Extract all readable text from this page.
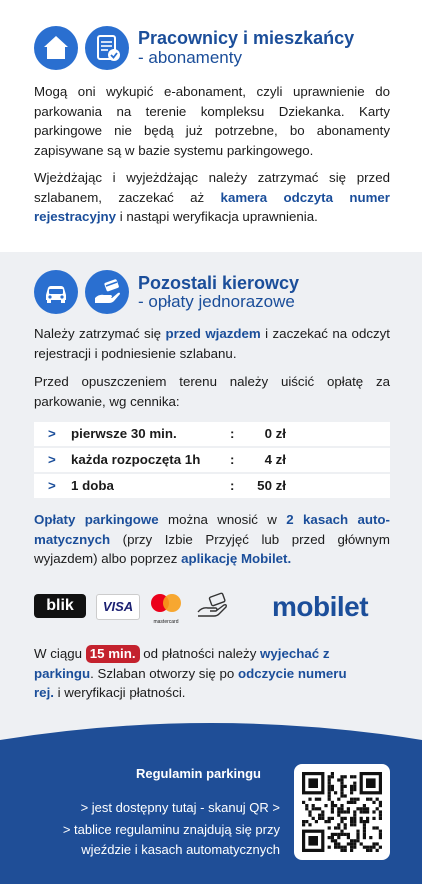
Pracownicy i mieszkańcy
- abonamenty
Mogą oni wykupić e-abonament, czyli uprawnienie do parkowania na terenie kompleksu Dziekanka. Karty parkingowe nie będą już potrzebne, bo abonamenty zapisywane są w bazie systemu parkingowego.
Wjeżdżając i wyjeżdżając należy zatrzymać się przed szlabanem, zaczekać aż kamera odczyta numer rejestracyjny i nastąpi weryfikacja uprawnienia.
Pozostali kierowcy
- opłaty jednorazowe
Należy zatrzymać się przed wjazdem i zaczekać na odczyt rejestracji i podniesienie szlabanu.
Przed opuszczeniem terenu należy uiścić opłatę za parkowanie, wg cennika:
> pierwsze 30 min.	:	0 zł
> każda rozpoczęta 1h :	4 zł
> 1 doba	:	50 zł
Opłaty parkingowe można wnosić w 2 kasach auto-matycznych (przy Izbie Przyjęć lub przed głównym wyjazdem) albo poprzez aplikację Mobilet.
blik	VISA
mastercard	mobilet
W ciągu 15 min. od płatności należy wyjechać z parkingu. Szlaban otworzy się po odczycie numeru rej. i weryfikacji płatności.
Regulamin parkingu
> jest dostępny tutaj - skanuj QR >
> tablice regulaminu znajdują się przy
wjeździe i kasach automatycznych
